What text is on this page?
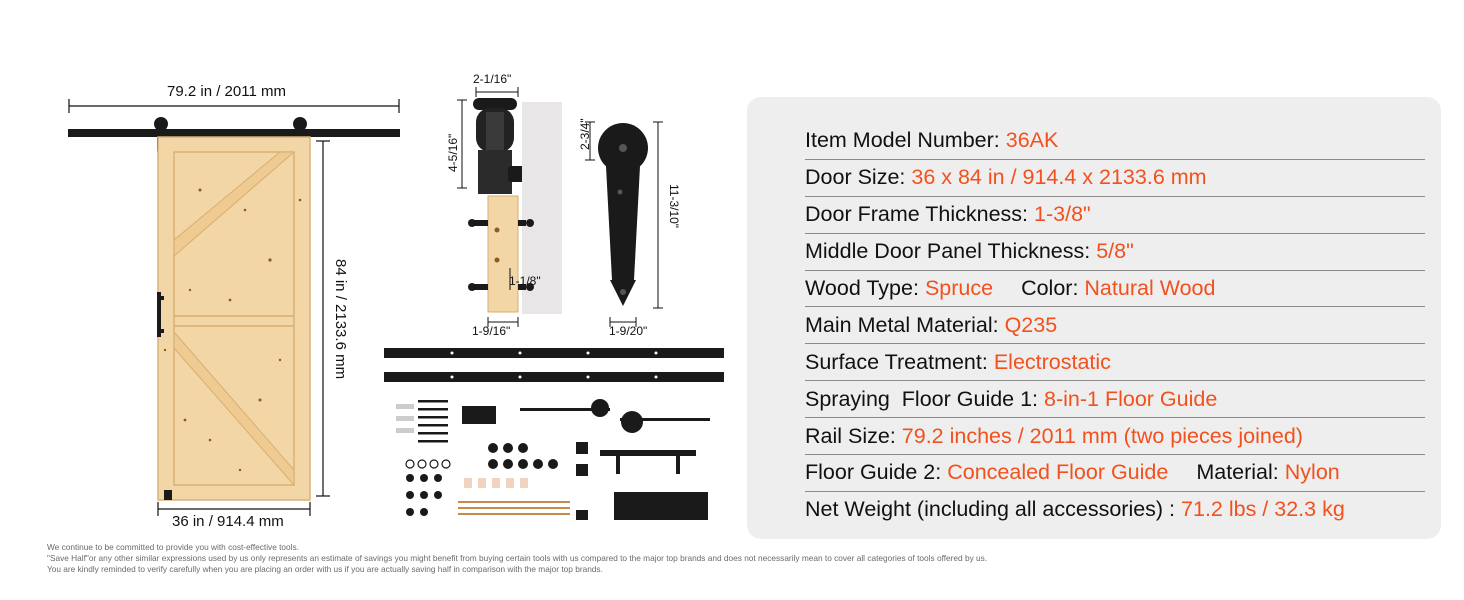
79.2 in / 2011 mm
84 in / 2133.6 mm
36 in / 914.4 mm
2-1/16"
4-5/16"
1-1/8"
1-9/16"
2-3/4"
11-3/10"
1-9/20"
Item Model Number:
36AK
Door Size:
36 x 84 in / 914.4 x 2133.6 mm
Door Frame Thickness:
1-3/8"
Middle Door Panel Thickness:
5/8"
Wood Type:
Spruce Color:
Natural Wood
Main Metal Material:
Q235
Surface Treatment:
Electrostatic
Spraying  Floor Guide 1:
8-in-1 Floor Guide
Rail Size:
79.2 inches / 2011 mm (two pieces joined)
Floor Guide 2:
Concealed Floor Guide Material:
Nylon
Net Weight (including all accessories) :
71.2 lbs / 32.3 kg
We continue to be committed to provide you with cost-effective tools.
"Save Half"or any other similar expressions used by us only represents an estimate of savings you might benefit from buying certain tools with us compared to the major top brands and does not necessarily mean to cover all categories of tools offered by us.
You are kindly reminded to verify carefully when you are placing an order with us if you are actually saving half in comparison with the major top brands.
